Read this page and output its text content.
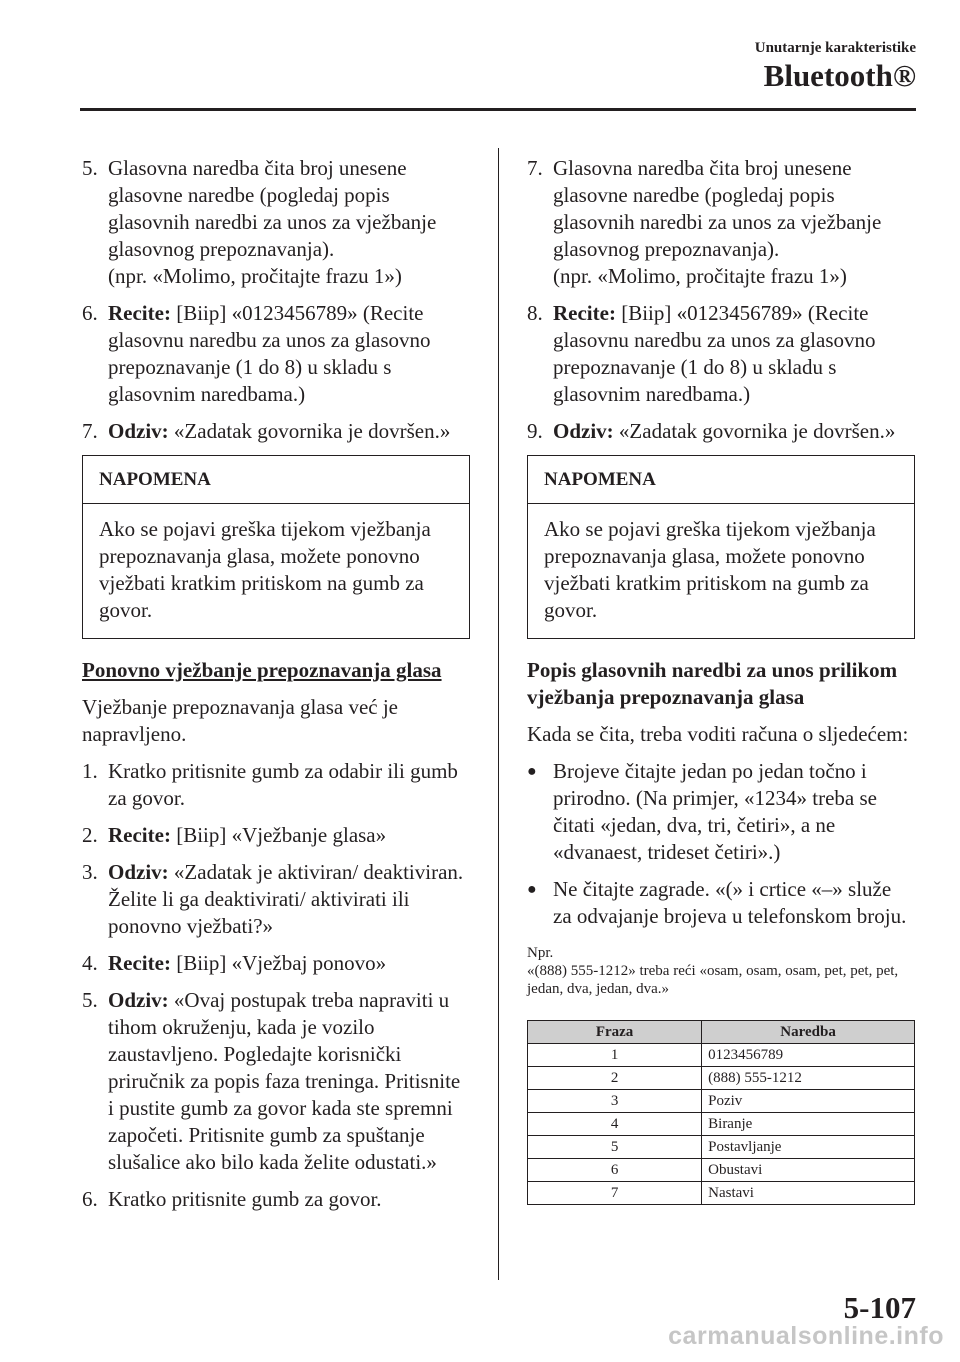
Unutarnje karakteristike
Bluetooth®
5. Glasovna naredba čita broj unesene glasovne naredbe (pogledaj popis glasovnih naredbi za unos za vježbanje glasovnog prepoznavanja).
(npr. «Molimo, pročitajte frazu 1»)
6. Recite: [Biip] «0123456789» (Recite glasovnu naredbu za unos za glasovno prepoznavanje (1 do 8) u skladu s glasovnim naredbama.)
7. Odziv: «Zadatak govornika je dovršen.»
NAPOMENA
Ako se pojavi greška tijekom vježbanja prepoznavanja glasa, možete ponovno vježbati kratkim pritiskom na gumb za govor.
Ponovno vježbanje prepoznavanja glasa
Vježbanje prepoznavanja glasa već je napravljeno.
1. Kratko pritisnite gumb za odabir ili gumb za govor.
2. Recite: [Biip] «Vježbanje glasa»
3. Odziv: «Zadatak je aktiviran/ deaktiviran. Želite li ga deaktivirati/ aktivirati ili ponovno vježbati?»
4. Recite: [Biip] «Vježbaj ponovo»
5. Odziv: «Ovaj postupak treba napraviti u tihom okruženju, kada je vozilo zaustavljeno. Pogledajte korisnički priručnik za popis faza treninga. Pritisnite i pustite gumb za govor kada ste spremni započeti. Pritisnite gumb za spuštanje slušalice ako bilo kada želite odustati.»
6. Kratko pritisnite gumb za govor.
7. Glasovna naredba čita broj unesene glasovne naredbe (pogledaj popis glasovnih naredbi za unos za vježbanje glasovnog prepoznavanja).
(npr. «Molimo, pročitajte frazu 1»)
8. Recite: [Biip] «0123456789» (Recite glasovnu naredbu za unos za glasovno prepoznavanje (1 do 8) u skladu s glasovnim naredbama.)
9. Odziv: «Zadatak govornika je dovršen.»
NAPOMENA
Ako se pojavi greška tijekom vježbanja prepoznavanja glasa, možete ponovno vježbati kratkim pritiskom na gumb za govor.
Popis glasovnih naredbi za unos prilikom vježbanja prepoznavanja glasa
Kada se čita, treba voditi računa o sljedećem:
● Brojeve čitajte jedan po jedan točno i prirodno. (Na primjer, «1234» treba se čitati «jedan, dva, tri, četiri», a ne «dvanaest, trideset četiri».)
● Ne čitajte zagrade. «(» i crtice «–» služe za odvajanje brojeva u telefonskom broju.
Npr.
«(888) 555-1212» treba reći «osam, osam, osam, pet, pet, pet, jedan, dva, jedan, dva.»
Fraza	Naredba
1	0123456789
2	(888) 555-1212
3	Poziv
4	Biranje
5	Postavljanje
6	Obustavi
7	Nastavi
5-107
carmanualsonline.info
